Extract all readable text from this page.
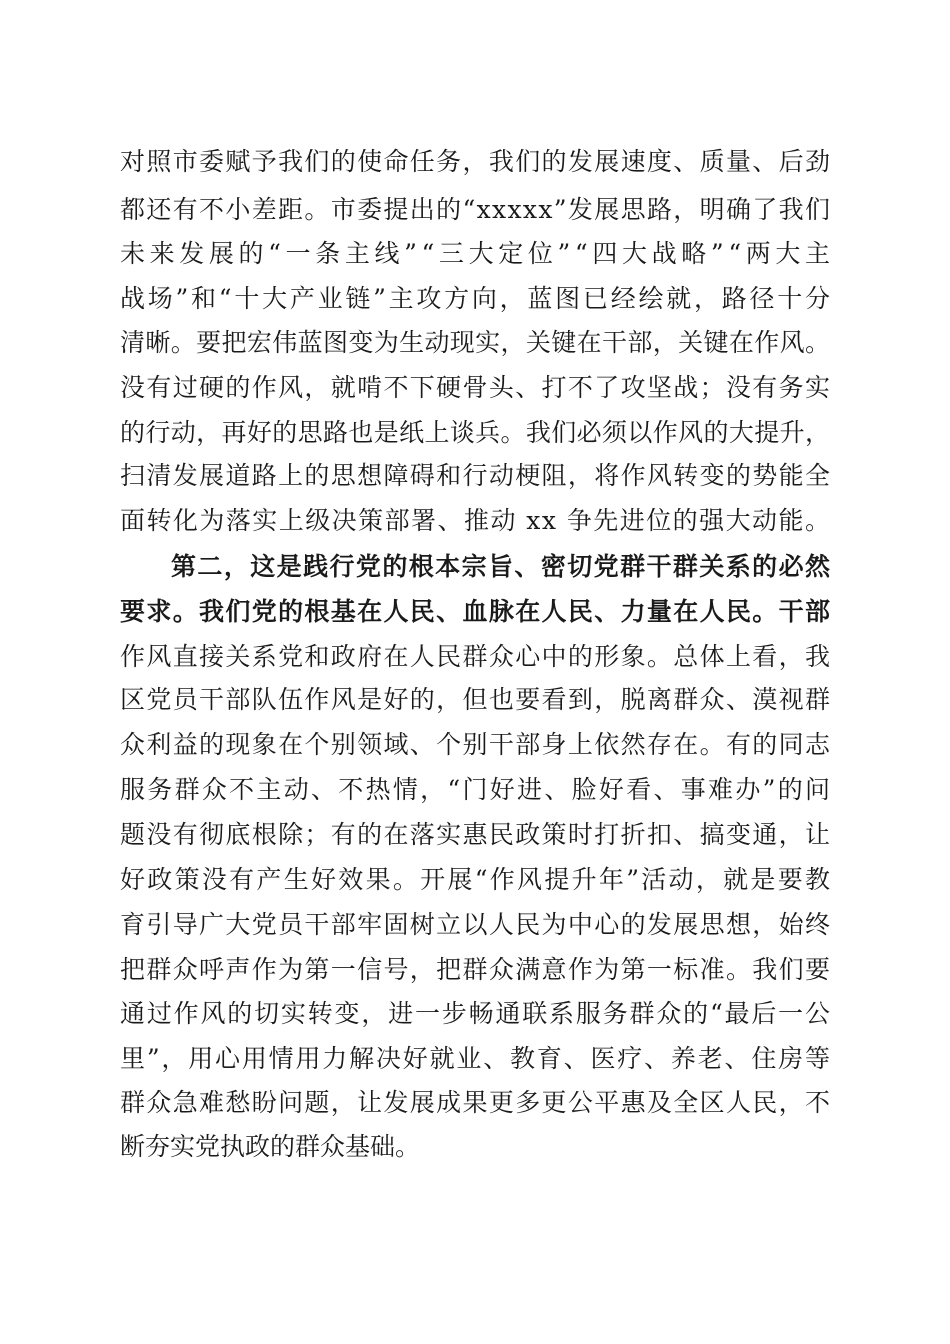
对照市委赋予我们的使命任务，我们的发展速度、质量、后劲
都还有不小差距。市委提出的“xxxxx”发展思路，明确了我们
未来发展的“一条主线”“三大定位”“四大战略”“两大主
战场”和“十大产业链”主攻方向，蓝图已经绘就，路径十分
清晰。要把宏伟蓝图变为生动现实，关键在干部，关键在作风。
没有过硬的作风，就啃不下硬骨头、打不了攻坚战；没有务实
的行动，再好的思路也是纸上谈兵。我们必须以作风的大提升，
扫清发展道路上的思想障碍和行动梗阻，将作风转变的势能全
面转化为落实上级决策部署、推动 xx 争先进位的强大动能。
第二，这是践行党的根本宗旨、密切党群干群关系的必然
要求。我们党的根基在人民、血脉在人民、力量在人民。干部
作风直接关系党和政府在人民群众心中的形象。总体上看，我
区党员干部队伍作风是好的，但也要看到，脱离群众、漠视群
众利益的现象在个别领域、个别干部身上依然存在。有的同志
服务群众不主动、不热情，“门好进、脸好看、事难办”的问
题没有彻底根除；有的在落实惠民政策时打折扣、搞变通，让
好政策没有产生好效果。开展“作风提升年”活动，就是要教
育引导广大党员干部牢固树立以人民为中心的发展思想，始终
把群众呼声作为第一信号，把群众满意作为第一标准。我们要
通过作风的切实转变，进一步畅通联系服务群众的“最后一公
里”，用心用情用力解决好就业、教育、医疗、养老、住房等
群众急难愁盼问题，让发展成果更多更公平惠及全区人民，不
断夯实党执政的群众基础。
